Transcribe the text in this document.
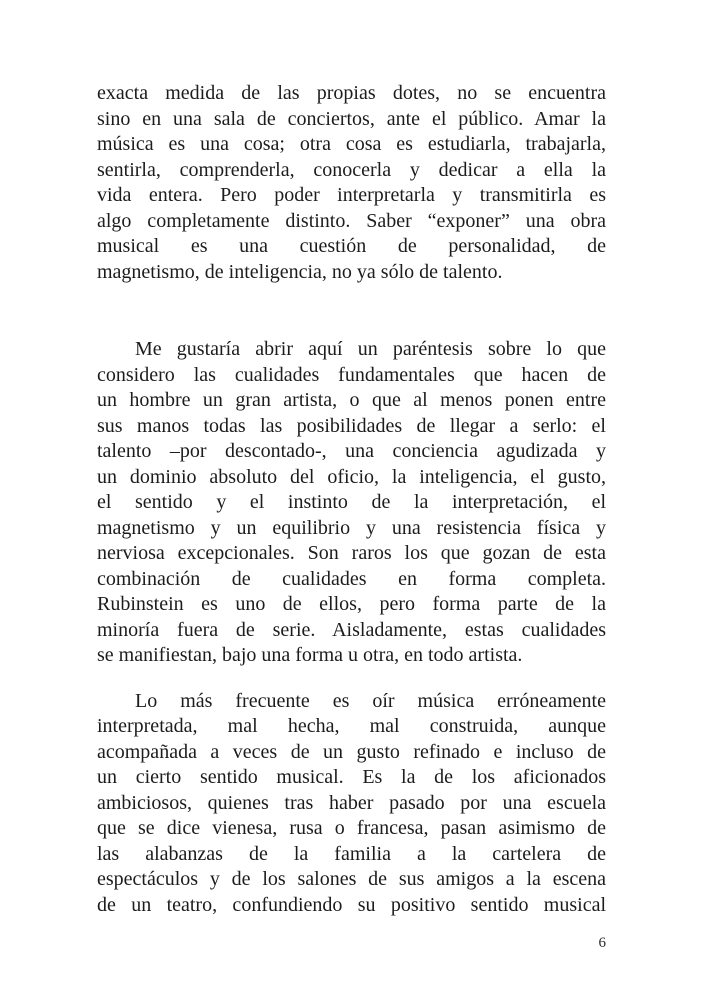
exacta medida de las propias dotes, no se encuentra
sino en una sala de conciertos, ante el público. Amar la
música es una cosa; otra cosa es estudiarla, trabajarla,
sentirla, comprenderla, conocerla y dedicar a ella la
vida entera. Pero poder interpretarla y transmitirla es
algo completamente distinto. Saber “exponer” una obra
musical es una cuestión de personalidad, de
magnetismo, de inteligencia, no ya sólo de talento.
Me gustaría abrir aquí un paréntesis sobre lo que
considero las cualidades fundamentales que hacen de
un hombre un gran artista, o que al menos ponen entre
sus manos todas las posibilidades de llegar a serlo: el
talento –por descontado-, una conciencia agudizada y
un dominio absoluto del oficio, la inteligencia, el gusto,
el sentido y el instinto de la interpretación, el
magnetismo y un equilibrio y una resistencia física y
nerviosa excepcionales. Son raros los que gozan de esta
combinación de cualidades en forma completa.
Rubinstein es uno de ellos, pero forma parte de la
minoría fuera de serie. Aisladamente, estas cualidades
se manifiestan, bajo una forma u otra, en todo artista.
Lo más frecuente es oír música erróneamente
interpretada, mal hecha, mal construida, aunque
acompañada a veces de un gusto refinado e incluso de
un cierto sentido musical. Es la de los aficionados
ambiciosos, quienes tras haber pasado por una escuela
que se dice vienesa, rusa o francesa, pasan asimismo de
las alabanzas de la familia a la cartelera de
espectáculos y de los salones de sus amigos a la escena
de un teatro, confundiendo su positivo sentido musical
6
